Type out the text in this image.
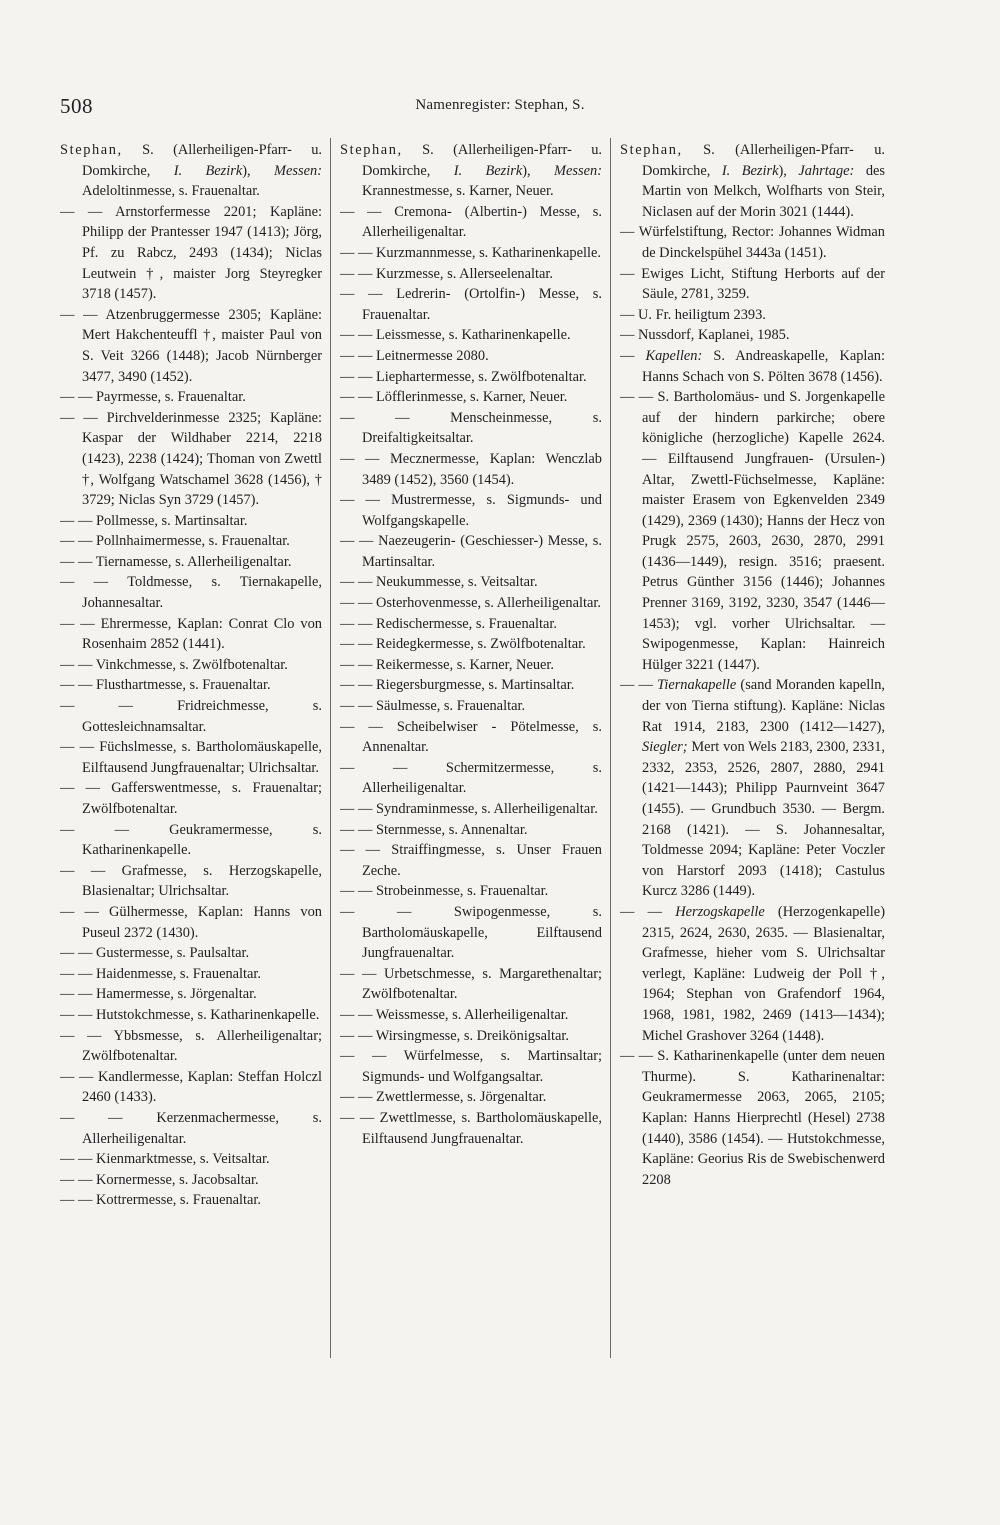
508	Namenregister: Stephan, S.

Stephan, S. (Allerheiligen-Pfarr- u. Domkirche, I. Bezirk), Messen: Adeloltinmesse, s. Frauenaltar.

— — Arnstorfermesse 2201; Kapläne: Philipp der Prantesser 1947 (1413); Jörg, Pf. zu Rabcz, 2493 (1434); Niclas Leutwein †, maister Jorg Steyregker 3718 (1457).

— — Atzenbruggermesse 2305; Kapläne: Mert Hakchenteuffl †, maister Paul von S. Veit 3266 (1448); Jacob Nürnberger 3477, 3490 (1452).

— — Payrmesse, s. Frauenaltar.

— — Pirchvelderinmesse 2325; Kapläne: Kaspar der Wildhaber 2214, 2218 (1423), 2238 (1424); Thoman von Zwettl †, Wolfgang Watschamel 3628 (1456), † 3729; Niclas Syn 3729 (1457).

— — Pollmesse, s. Martinsaltar.

— — Pollnhaimermesse, s. Frauenaltar.

— — Tiernamesse, s. Allerheiligenaltar.

— — Toldmesse, s. Tiernakapelle, Johannesaltar.

— — Ehrermesse, Kaplan: Conrat Clo von Rosenhaim 2852 (1441).

— — Vinkchmesse, s. Zwölfbotenaltar.

— — Flusthartmesse, s. Frauenaltar.

— — Fridreichmesse, s. Gottesleichnamsaltar.

— — Füchslmesse, s. Bartholomäuskapelle, Eilftausend Jungfrauenaltar; Ulrichsaltar.

— — Gafferswentmesse, s. Frauenaltar; Zwölfbotenaltar.

— — Geukramermesse, s. Katharinenkapelle.

— — Grafmesse, s. Herzogskapelle, Blasienaltar; Ulrichsaltar.

— — Gülhermesse, Kaplan: Hanns von Puseul 2372 (1430).

— — Gustermesse, s. Paulsaltar.

— — Haidenmesse, s. Frauenaltar.

— — Hamermesse, s. Jörgenaltar.

— — Hutstokchmesse, s. Katharinenkapelle.

— — Ybbsmesse, s. Allerheiligenaltar; Zwölfbotenaltar.

— — Kandlermesse, Kaplan: Steffan Holczl 2460 (1433).

— — Kerzenmachermesse, s. Allerheiligenaltar.

— — Kienmarktmesse, s. Veitsaltar.

— — Kornermesse, s. Jacobsaltar.

— — Kottrermesse, s. Frauenaltar.

Stephan, S. (Allerheiligen-Pfarr- u. Domkirche, I. Bezirk), Messen: Krannestmesse, s. Karner, Neuer.

— — Cremona- (Albertin-) Messe, s. Allerheiligenaltar.

— — Kurzmannmesse, s. Katharinenkapelle.

— — Kurzmesse, s. Allerseelenaltar.

— — Ledrerin- (Ortolfin-) Messe, s. Frauenaltar.

— — Leissmesse, s. Katharinenkapelle.

— — Leitnermesse 2080.

— — Liephartermesse, s. Zwölfbotenaltar.

— — Löfflerinmesse, s. Karner, Neuer.

— — Menscheinmesse, s. Dreifaltigkeitsaltar.

— — Mecznermesse, Kaplan: Wenczlab 3489 (1452), 3560 (1454).

— — Mustrermesse, s. Sigmunds- und Wolfgangskapelle.

— — Naezeugerin- (Geschiesser-) Messe, s. Martinsaltar.

— — Neukummesse, s. Veitsaltar.

— — Osterhovenmesse, s. Allerheiligenaltar.

— — Redischermesse, s. Frauenaltar.

— — Reidegkermesse, s. Zwölfbotenaltar.

— — Reikermesse, s. Karner, Neuer.

— — Riegersburgmesse, s. Martinsaltar.

— — Säulmesse, s. Frauenaltar.

— — Scheibelwiser - Pötelmesse, s. Annenaltar.

— — Schermitzermesse, s. Allerheiligenaltar.

— — Syndraminmesse, s. Allerheiligenaltar.

— — Sternmesse, s. Annenaltar.

— — Straiffingmesse, s. Unser Frauen Zeche.

— — Strobeinmesse, s. Frauenaltar.

— — Swipogenmesse, s. Bartholomäuskapelle, Eilftausend Jungfrauenaltar.

— — Urbetschmesse, s. Margarethenaltar; Zwölfbotenaltar.

— — Weissmesse, s. Allerheiligenaltar.

— — Wirsingmesse, s. Dreikönigsaltar.

— — Würfelmesse, s. Martinsaltar; Sigmunds- und Wolfgangsaltar.

— — Zwettlermesse, s. Jörgenaltar.

— — Zwettlmesse, s. Bartholomäuskapelle, Eilftausend Jungfrauenaltar.

Stephan, S. (Allerheiligen-Pfarr- u. Domkirche, I. Bezirk), Jahrtage: des Martin von Melkch, Wolfharts von Steir, Niclasen auf der Morin 3021 (1444).

— Würfelstiftung, Rector: Johannes Widman de Dinckelspühel 3443a (1451).

— Ewiges Licht, Stiftung Herborts auf der Säule, 2781, 3259.

— U. Fr. heiligtum 2393.

— Nussdorf, Kaplanei, 1985.

— Kapellen: S. Andreaskapelle, Kaplan: Hanns Schach von S. Pölten 3678 (1456).

— — S. Bartholomäus- und S. Jorgenkapelle auf der hindern parkirche; obere königliche (herzogliche) Kapelle 2624. — Eilftausend Jungfrauen- (Ursulen-) Altar, Zwettl-Füchselmesse, Kapläne: maister Erasem von Egkenvelden 2349 (1429), 2369 (1430); Hanns der Hecz von Prugk 2575, 2603, 2630, 2870, 2991 (1436—1449), resign. 3516; praesent. Petrus Günther 3156 (1446); Johannes Prenner 3169, 3192, 3230, 3547 (1446—1453); vgl. vorher Ulrichsaltar. — Swipogenmesse, Kaplan: Hainreich Hülger 3221 (1447).

— — Tiernakapelle (sand Moranden kapelln, der von Tierna stiftung). Kapläne: Niclas Rat 1914, 2183, 2300 (1412—1427), Siegler; Mert von Wels 2183, 2300, 2331, 2332, 2353, 2526, 2807, 2880, 2941 (1421—1443); Philipp Paurnveint 3647 (1455). — Grundbuch 3530. — Bergm. 2168 (1421). — S. Johannesaltar, Toldmesse 2094; Kapläne: Peter Voczler von Harstorf 2093 (1418); Castulus Kurcz 3286 (1449).

— — Herzogskapelle (Herzogenkapelle) 2315, 2624, 2630, 2635. — Blasienaltar, Grafmesse, hieher vom S. Ulrichsaltar verlegt, Kapläne: Ludweig der Poll †, 1964; Stephan von Grafendorf 1964, 1968, 1981, 1982, 2469 (1413—1434); Michel Grashover 3264 (1448).

— — S. Katharinenkapelle (unter dem neuen Thurme). S. Katharinenaltar: Geukramermesse 2063, 2065, 2105; Kaplan: Hanns Hierprechtl (Hesel) 2738 (1440), 3586 (1454). — Hutstokchmesse, Kapläne: Georius Ris de Swebischenwerd 2208
